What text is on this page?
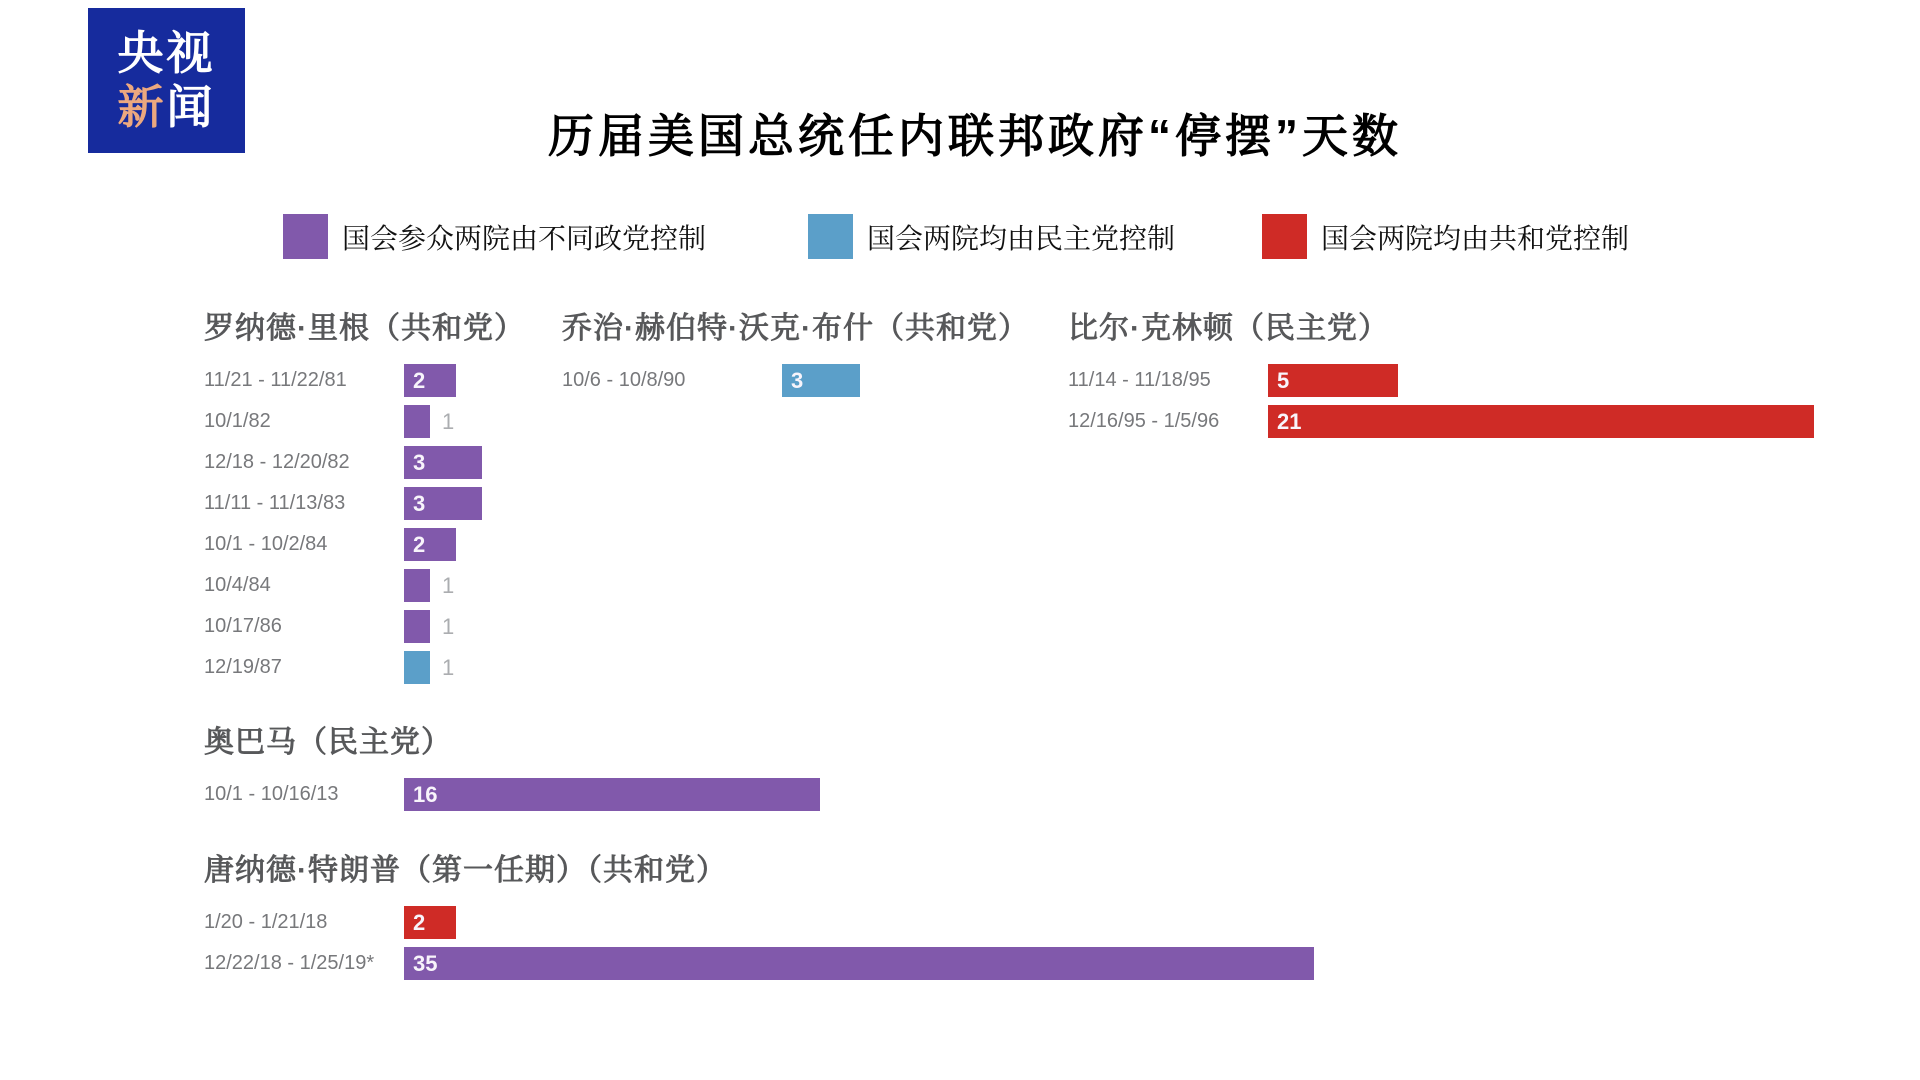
央视
新闻
历届美国总统任内联邦政府“停摆”天数
国会参众两院由不同政党控制	国会两院均由民主党控制	国会两院均由共和党控制
罗纳德·里根（共和党）
11/21 - 11/22/81	2
10/1/82	1
12/18 - 12/20/82	3
11/11 - 11/13/83	3
10/1 - 10/2/84	2
10/4/84	1
10/17/86	1
12/19/87	1
乔治·赫伯特·沃克·布什（共和党）
10/6 - 10/8/90	3
比尔·克林顿（民主党）
11/14 - 11/18/95	5
12/16/95 - 1/5/96	21
奥巴马（民主党）
10/1 - 10/16/13	16
唐纳德·特朗普（第一任期）（共和党）
1/20 - 1/21/18	2
12/22/18 - 1/25/19*	35
